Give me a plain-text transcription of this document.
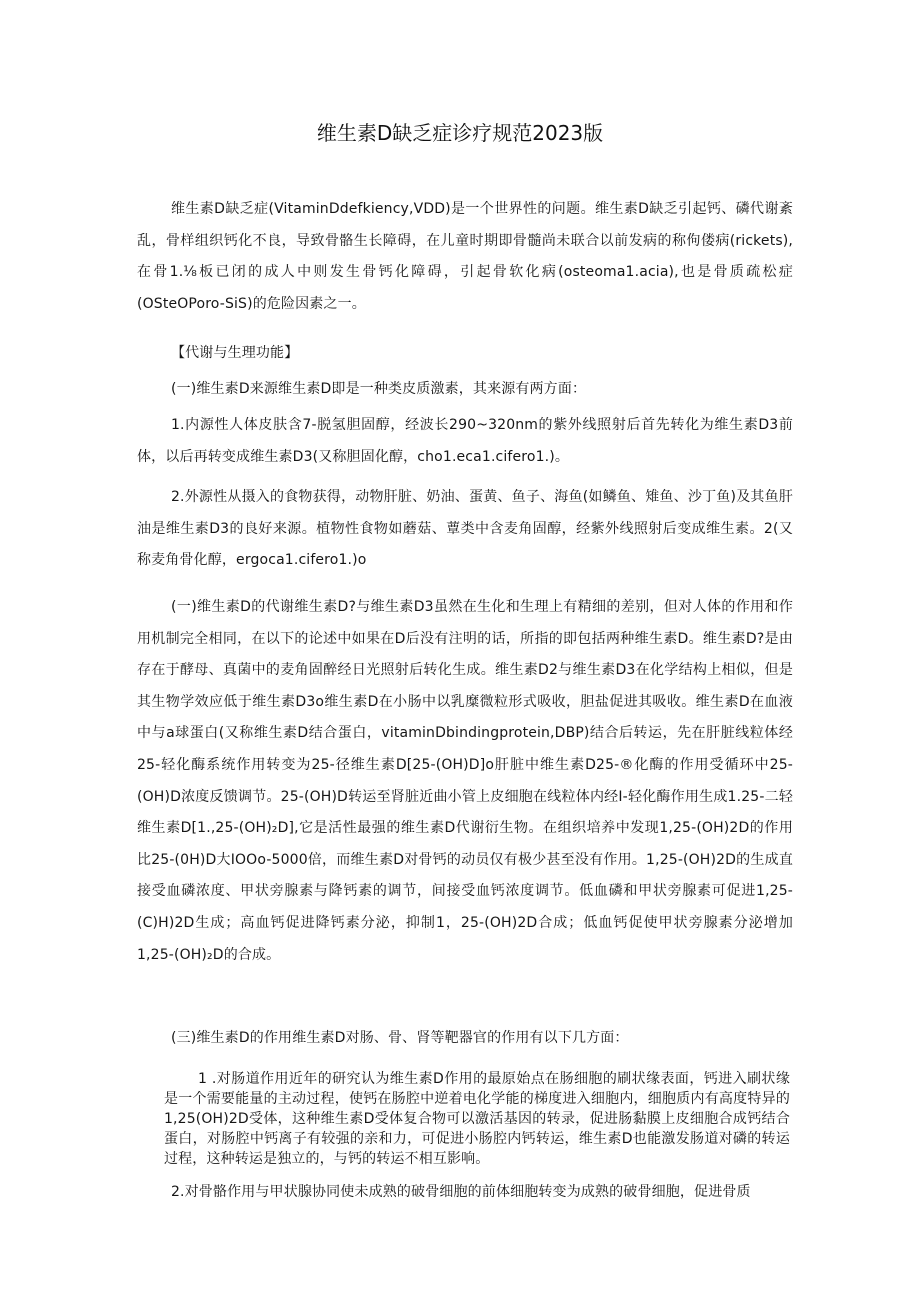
维生素D缺乏症诊疗规范2023版

维生素D缺乏症(VitaminDdefkiency,VDD)是一个世界性的问题。维生素D缺乏引起钙、磷代谢紊乱，骨样组织钙化不良，导致骨骼生长障碍，在儿童时期即骨髓尚未联合以前发病的称佝偻病(rickets),在骨1.⅛板已闭的成人中则发生骨钙化障碍，引起骨软化病(osteoma1.acia),也是骨质疏松症(OSteOPoro-SiS)的危险因素之一。

【代谢与生理功能】

(一)维生素D来源维生素D即是一种类皮质激素，其来源有两方面：

1.内源性人体皮肤含7-脱氢胆固醇，经波长290~320nm的紫外线照射后首先转化为维生素D3前体，以后再转变成维生素D3(又称胆固化醇，cho1.eca1.cifero1.)。

2.外源性从摄入的食物获得，动物肝脏、奶油、蛋黄、鱼子、海鱼(如鳞鱼、雉鱼、沙丁鱼)及其鱼肝油是维生素D3的良好来源。植物性食物如蘑菇、蕈类中含麦角固醇，经紫外线照射后变成维生素。2(又称麦角骨化醇，ergoca1.cifero1.)o

(一)维生素D的代谢维生素D?与维生素D3虽然在生化和生理上有精细的差别，但对人体的作用和作用机制完全相同，在以下的论述中如果在D后没有注明的话，所指的即包括两种维生素D。维生素D?是由存在于酵母、真菌中的麦角固醉经日光照射后转化生成。维生素D2与维生素D3在化学结构上相似，但是其生物学效应低于维生素D3o维生素D在小肠中以乳糜微粒形式吸收，胆盐促进其吸收。维生素D在血液中与a球蛋白(又称维生素D结合蛋白，vitaminDbindingprotein,DBP)结合后转运，先在肝脏线粒体经25-轻化酶系统作用转变为25-径维生素D[25-(OH)D]o肝脏中维生素D25-®化酶的作用受循环中25-(OH)D浓度反馈调节。25-(OH)D转运至肾脏近曲小管上皮细胞在线粒体内经I-轻化酶作用生成1.25-二轻维生素D[1.,25-(OH)₂D],它是活性最强的维生素D代谢衍生物。在组织培养中发现1,25-(OH)2D的作用比25-(0H)D大IOOo-5000倍，而维生素D对骨钙的动员仅有极少甚至没有作用。1,25-(OH)2D的生成直接受血磷浓度、甲状旁腺素与降钙素的调节，间接受血钙浓度调节。低血磷和甲状旁腺素可促进1,25-(C)H)2D生成；高血钙促进降钙素分泌，抑制1，25-(OH)2D合成；低血钙促使甲状旁腺素分泌增加1,25-(OH)₂D的合成。

(三)维生素D的作用维生素D对肠、骨、肾等靶器官的作用有以下几方面：

1 .对肠道作用近年的研究认为维生素D作用的最原始点在肠细胞的刷状缘表面，钙进入刷状缘是一个需要能量的主动过程，使钙在肠腔中逆着电化学能的梯度进入细胞内，细胞质内有高度特异的1,25(OH)2D受体，这种维生素D受体复合物可以激活基因的转录，促进肠黏膜上皮细胞合成钙结合蛋白，对肠腔中钙离子有较强的亲和力，可促进小肠腔内钙转运，维生素D也能激发肠道对磷的转运过程，这种转运是独立的，与钙的转运不相互影响。

2.对骨骼作用与甲状腺协同使未成熟的破骨细胞的前体细胞转变为成熟的破骨细胞，促进骨质
